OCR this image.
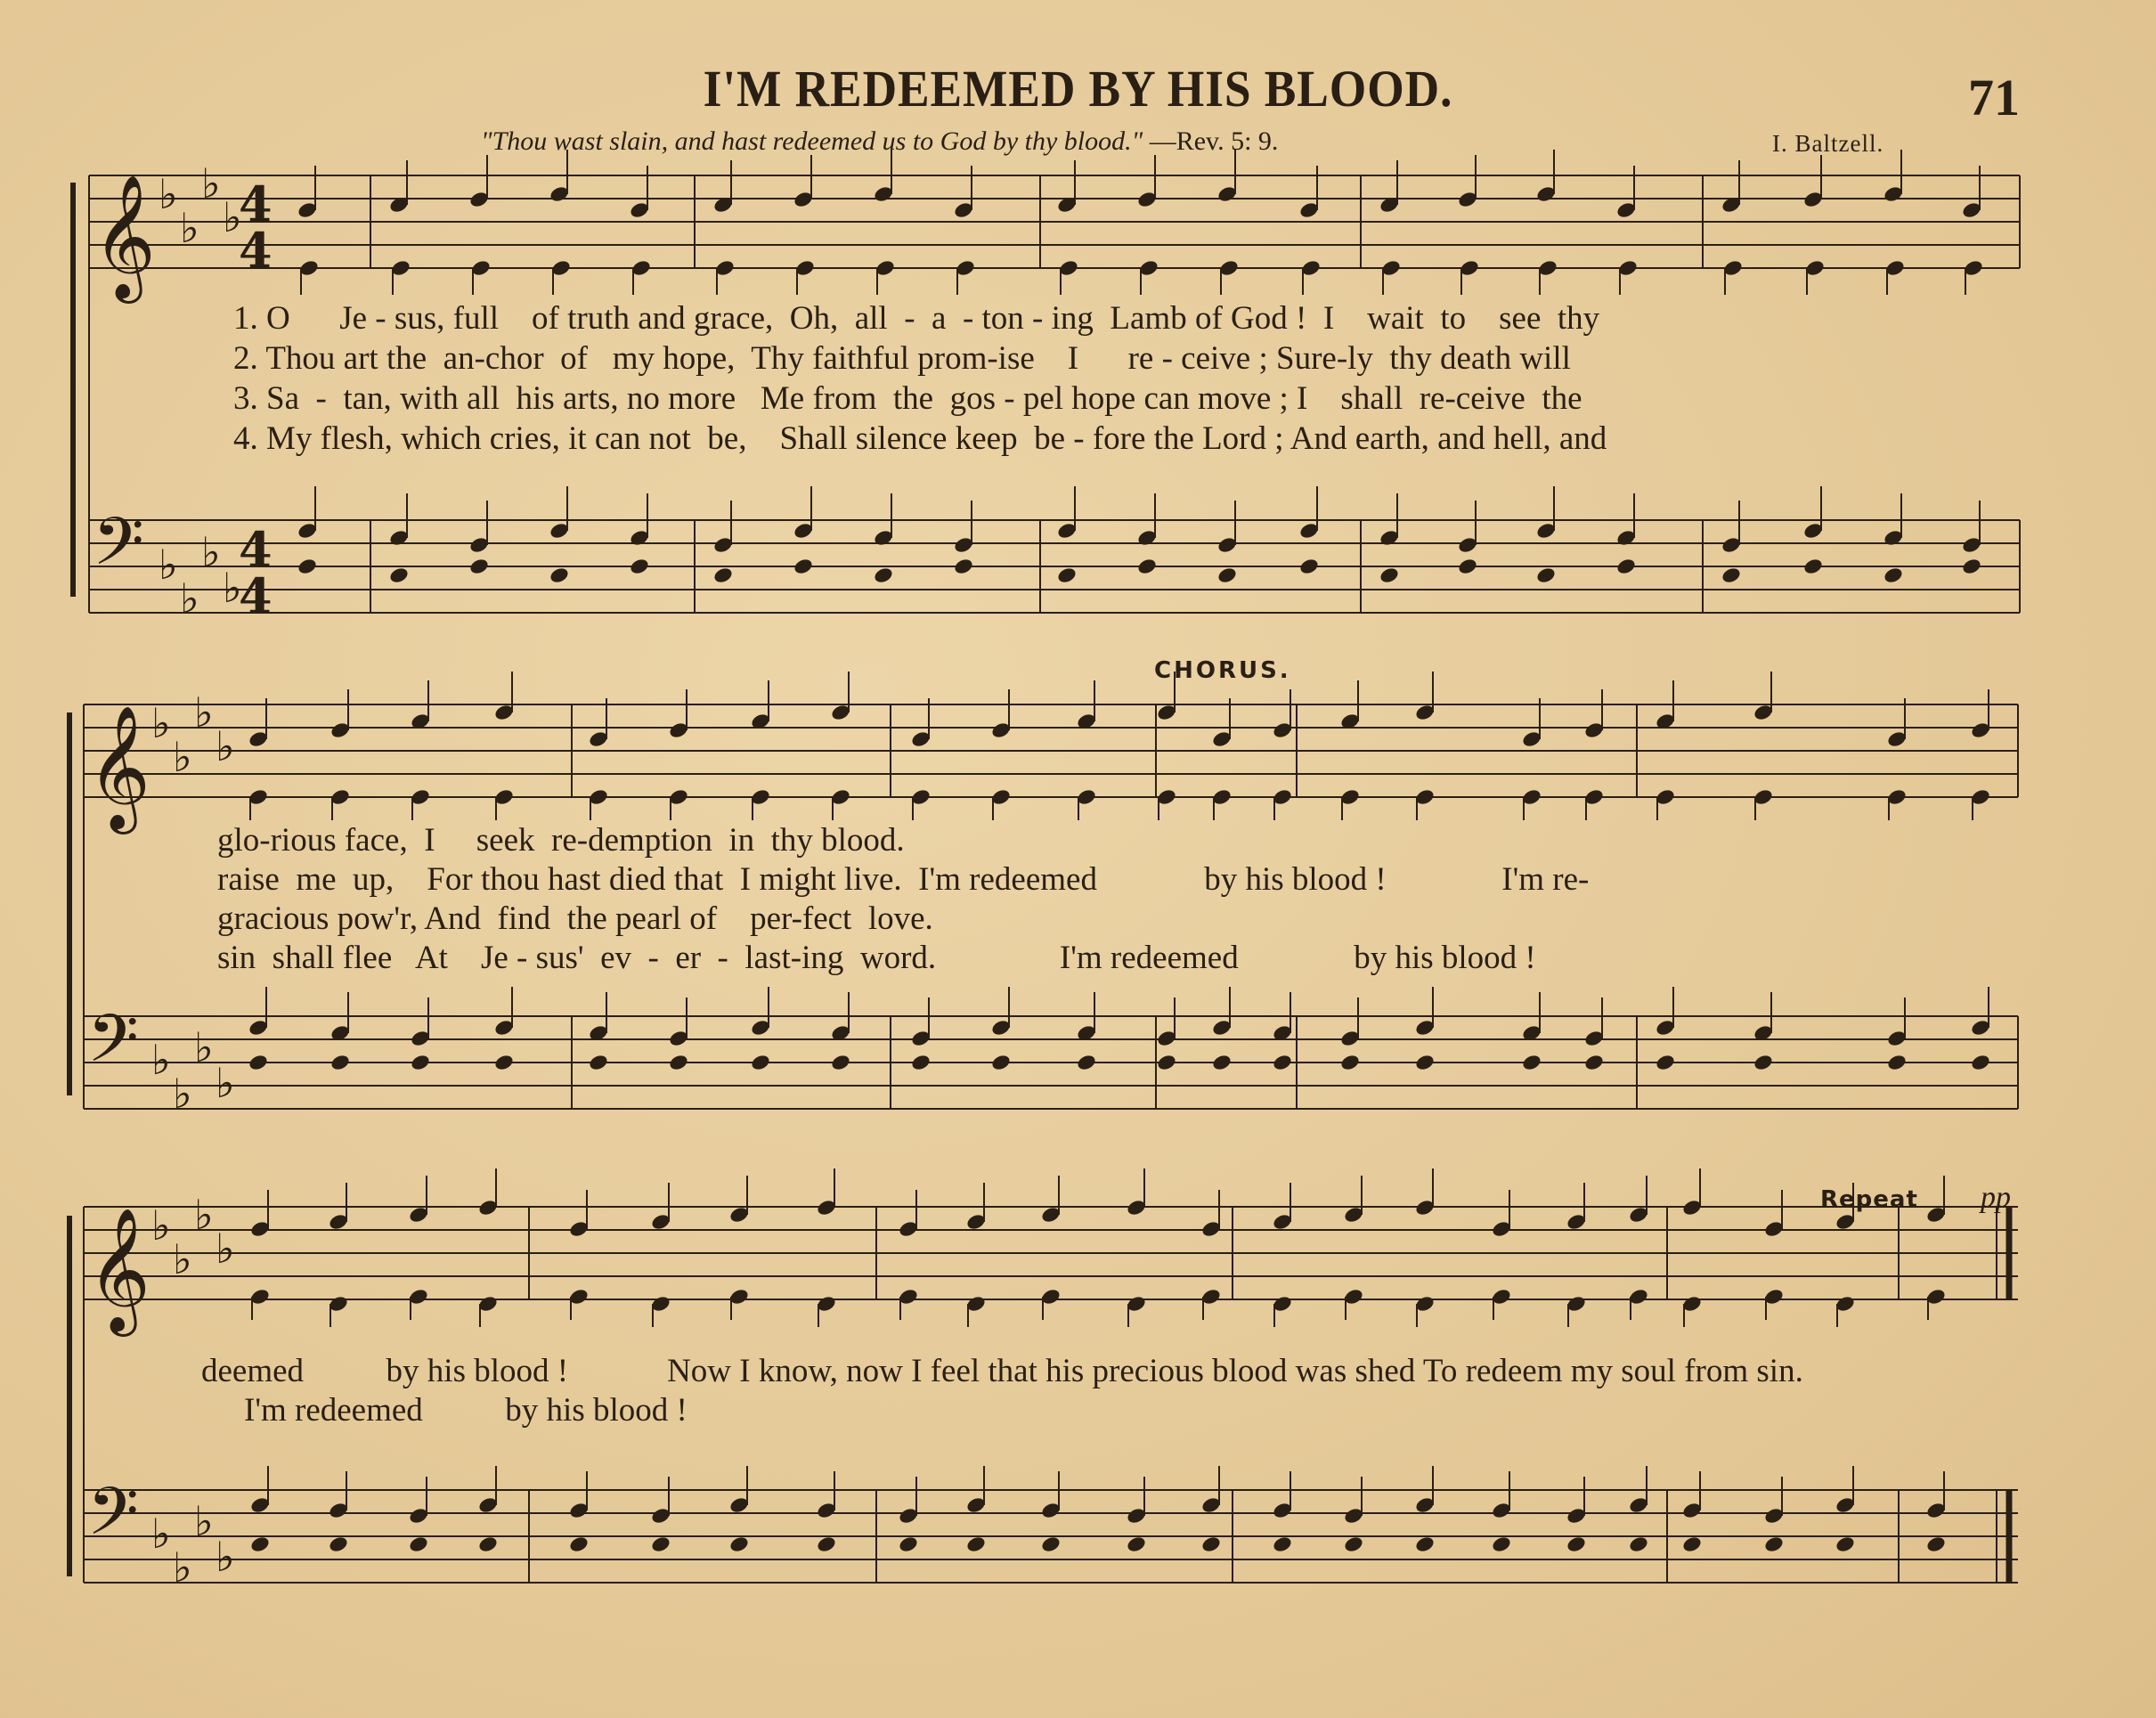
I'M REDEEMED BY HIS BLOOD.	71
"Thou wast slain, and hast redeemed us to God by thy blood." —Rev. 5: 9.	I. Baltzell.
𝄞
𝄢
𝄞
𝄢
𝄞
𝄢
♭
♭
♭
♭
♭
♭
♭
♭
♭
♭
♭
♭
♭
♭
♭
♭
♭
♭
♭
♭
♭
♭
♭
♭
4
4
4
4
1. O      Je - sus, full    of truth and grace,  Oh,  all  -  a  - ton - ing  Lamb of God !  I    wait  to    see  thy
2. Thou art the  an-chor  of   my hope,  Thy faithful prom-ise    I      re - ceive ; Sure-ly  thy death will
3. Sa  -  tan, with all  his arts, no more   Me from  the  gos - pel hope can move ; I    shall  re-ceive  the
4. My flesh, which cries, it can not  be,    Shall silence keep  be - fore the Lord ; And earth, and hell, and
CHORUS.
glo-rious face,  I     seek  re-demption  in  thy blood.
raise  me  up,    For thou hast died that  I might live.  I'm redeemed             by his blood !              I'm re-
gracious pow'r, And  find  the pearl of    per-fect  love.
sin  shall flee   At    Je - sus'  ev  -  er  -  last-ing  word.               I'm redeemed              by his blood !
Repeat pp
deemed          by his blood !            Now I know, now I feel that his precious blood was shed To redeem my soul from sin.
I'm redeemed          by his blood !
